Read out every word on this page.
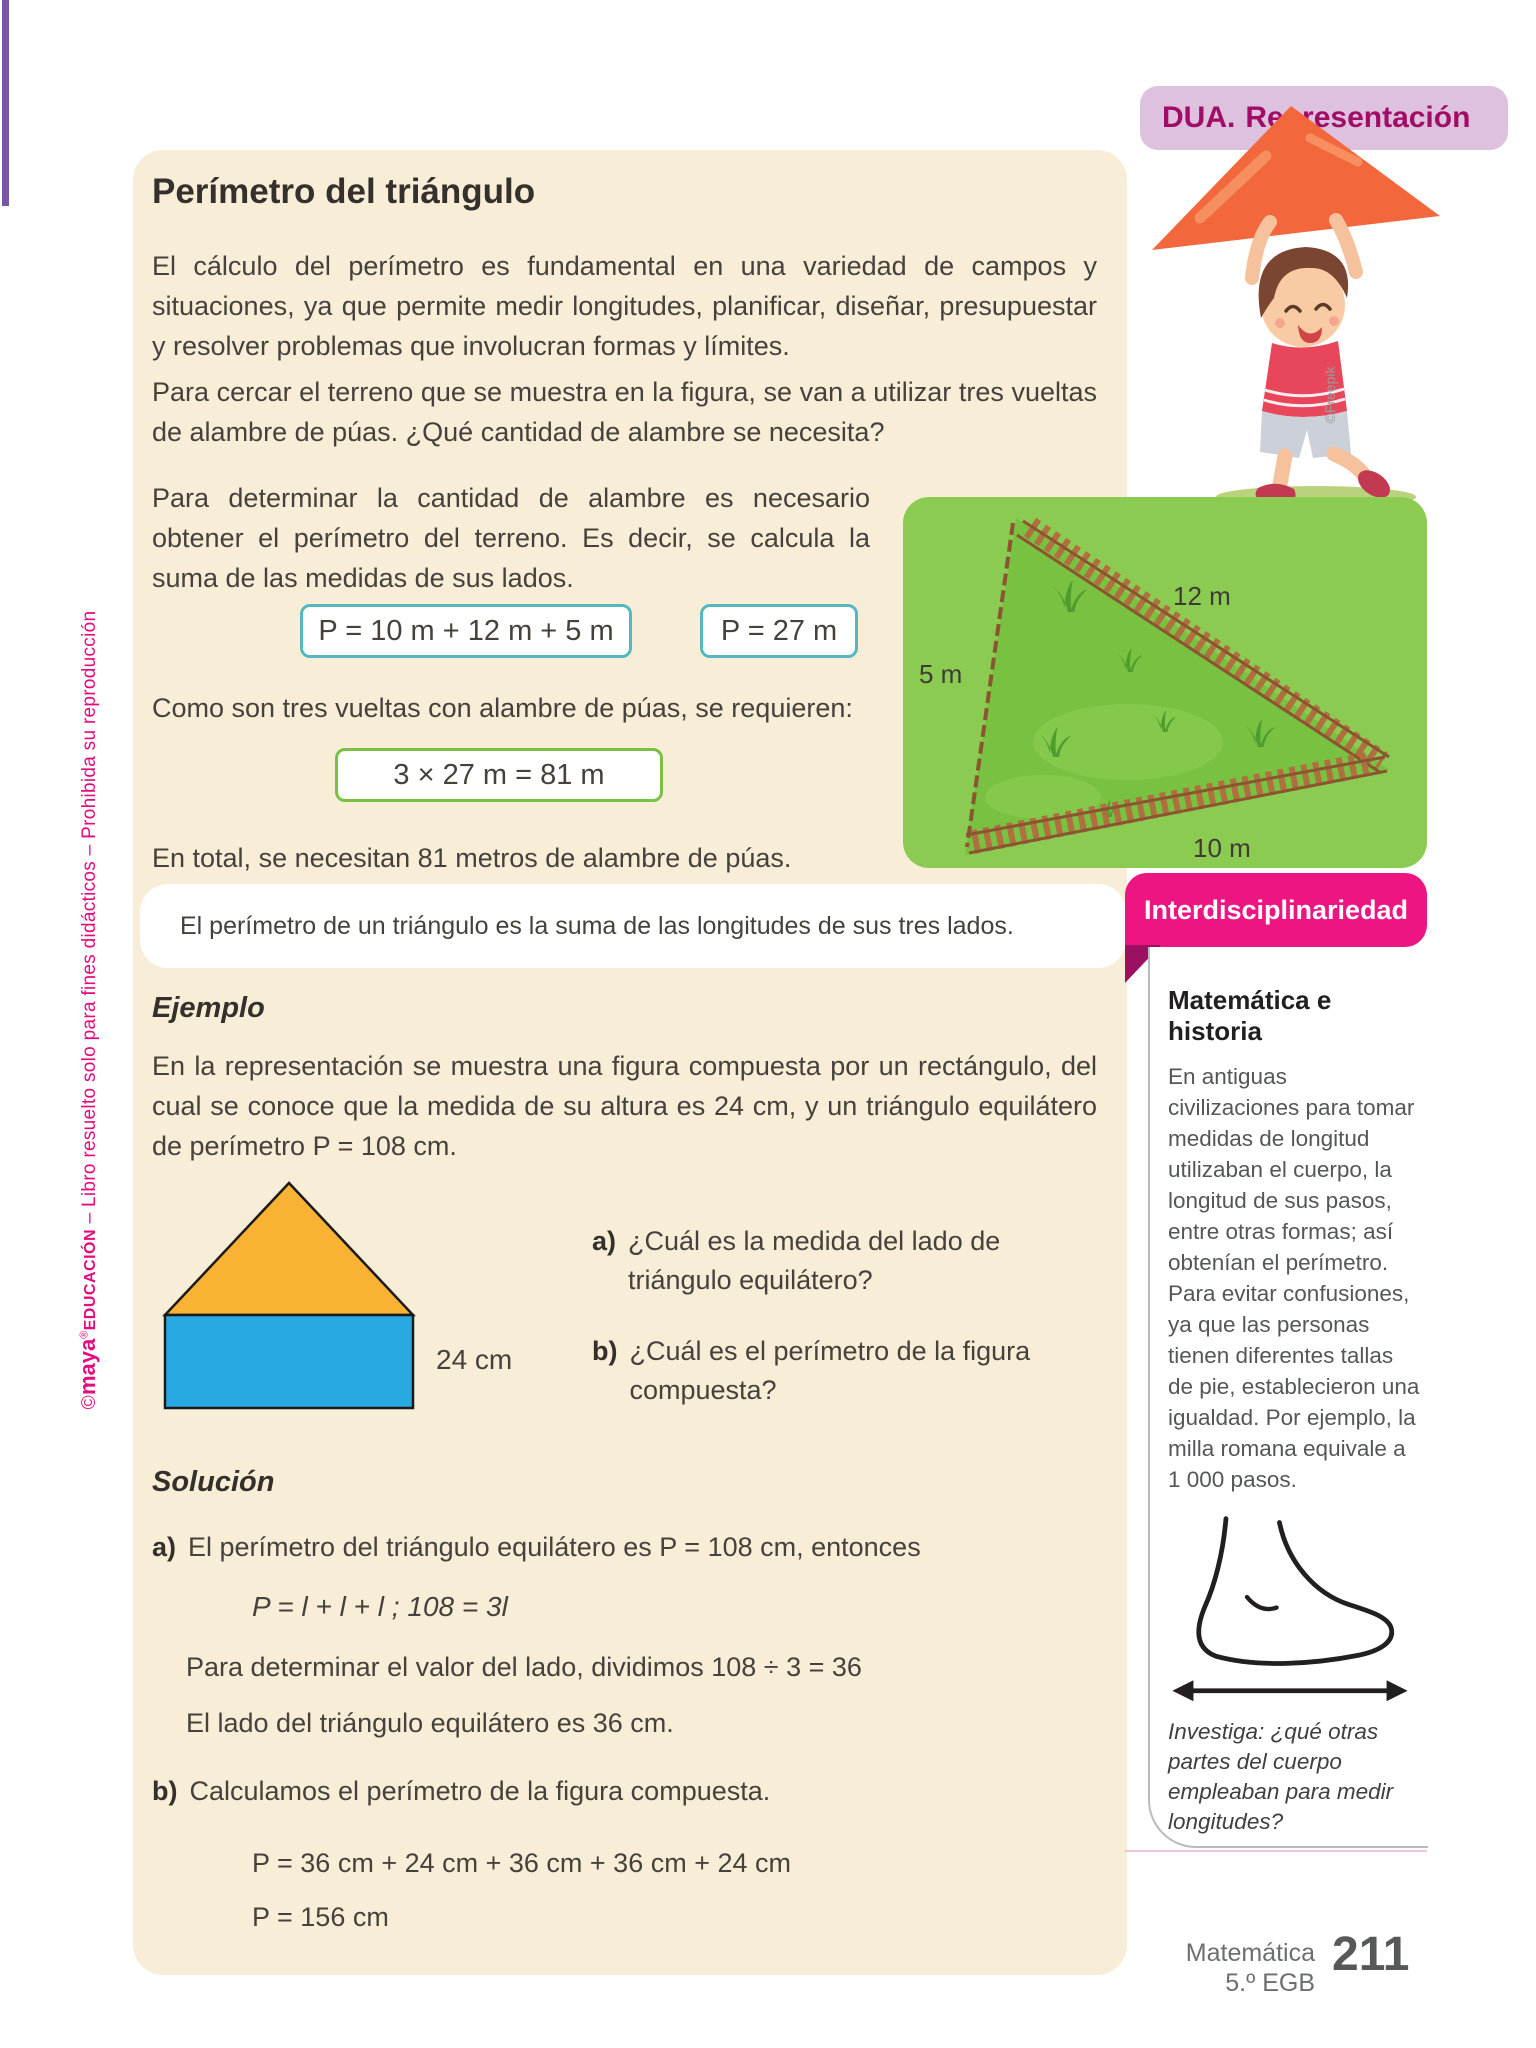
©maya®EDUCACIÓN – Libro resuelto solo para fines didácticos – Prohibida su reproducción
Perímetro del triángulo

El cálculo del perímetro es fundamental en una variedad de campos y situaciones, ya que permite medir longitudes, planificar, diseñar, presupuestar y resolver problemas que involucran formas y límites.

Para cercar el terreno que se muestra en la figura, se van a utilizar tres vueltas de alambre de púas. ¿Qué cantidad de alambre se necesita?

Para determinar la cantidad de alambre es necesario obtener el perímetro del terreno. Es decir, se calcula la suma de las medidas de sus lados.

P = 10 m + 12 m + 5 m	P = 27 m

Como son tres vueltas con alambre de púas, se requieren:

3 × 27 m = 81 m

En total, se necesitan 81 metros de alambre de púas.

El perímetro de un triángulo es la suma de las longitudes de sus tres lados.
Ejemplo

En la representación se muestra una figura compuesta por un rectángulo, del cual se conoce que la medida de su altura es 24 cm, y un triángulo equilátero de perímetro P = 108 cm.

24 cm
a) ¿Cuál es la medida del lado de triángulo equilátero?
b) ¿Cuál es el perímetro de la figura compuesta?
Solución
a) El perímetro del triángulo equilátero es P = 108 cm, entonces

P = l + l + l ; 108 = 3l

Para determinar el valor del lado, dividimos 108 ÷ 3 = 36

El lado del triángulo equilátero es 36 cm.

b) Calculamos el perímetro de la figura compuesta.

P = 36 cm + 24 cm + 36 cm + 36 cm + 24 cm

P = 156 cm

DUA. Representación
©Freepik
12 m
5 m
10 m
Interdisciplinariedad
Matemática e historia

En antiguas civilizaciones para tomar medidas de longitud utilizaban el cuerpo, la longitud de sus pasos, entre otras formas; así obtenían el perímetro. Para evitar confusiones, ya que las personas tienen diferentes tallas de pie, establecieron una igualdad. Por ejemplo, la milla romana equivale a 1 000 pasos.

Investiga: ¿qué otras partes del cuerpo empleaban para medir longitudes?

Matemática
5.º EGB
211
